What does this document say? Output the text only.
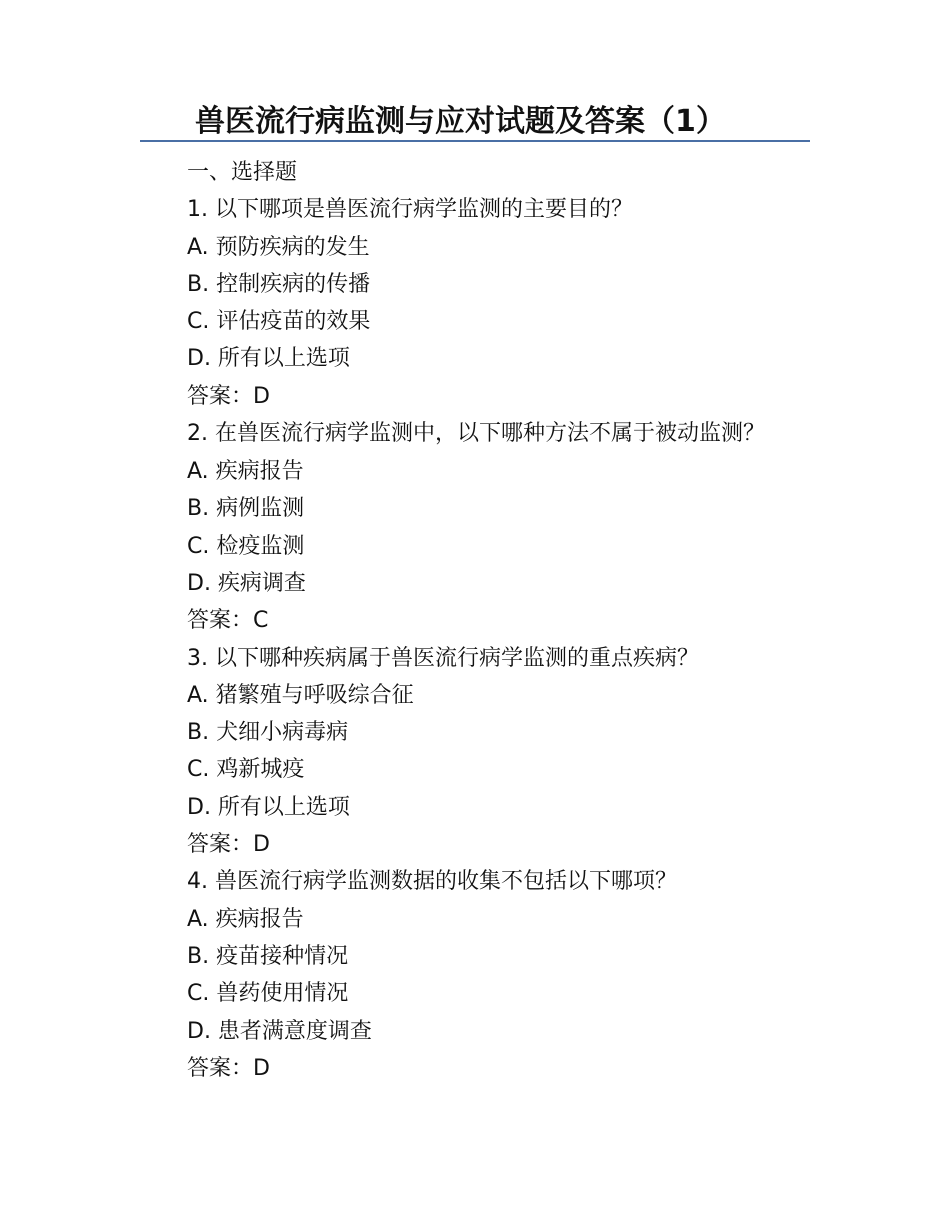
兽医流行病监测与应对试题及答案（1）
一、选择题
1. 以下哪项是兽医流行病学监测的主要目的？
A. 预防疾病的发生
B. 控制疾病的传播
C. 评估疫苗的效果
D. 所有以上选项
答案：D
2. 在兽医流行病学监测中，以下哪种方法不属于被动监测？
A. 疾病报告
B. 病例监测
C. 检疫监测
D. 疾病调查
答案：C
3. 以下哪种疾病属于兽医流行病学监测的重点疾病？
A. 猪繁殖与呼吸综合征
B. 犬细小病毒病
C. 鸡新城疫
D. 所有以上选项
答案：D
4. 兽医流行病学监测数据的收集不包括以下哪项？
A. 疾病报告
B. 疫苗接种情况
C. 兽药使用情况
D. 患者满意度调查
答案：D
